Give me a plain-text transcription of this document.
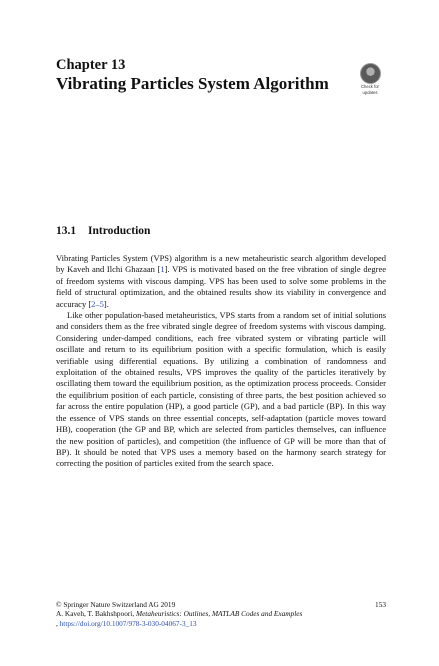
Chapter 13
Vibrating Particles System Algorithm	Check for
updates
13.1 Introduction

Vibrating Particles System (VPS) algorithm is a new metaheuristic search algorithm developed by Kaveh and Ilchi Ghazaan [1]. VPS is motivated based on the free vibration of single degree of freedom systems with viscous damping. VPS has been used to solve some problems in the field of structural optimization, and the obtained results show its viability in convergence and accuracy [2–5].

Like other population-based metaheuristics, VPS starts from a random set of initial solutions and considers them as the free vibrated single degree of freedom systems with viscous damping. Considering under-damped conditions, each free vibrated system or vibrating particle will oscillate and return to its equilibrium position with a specific formulation, which is easily verifiable using differential equations. By utilizing a combination of randomness and exploitation of the obtained results, VPS improves the quality of the particles iteratively by oscillating them toward the equilibrium position, as the optimization process proceeds. Consider the equilibrium position of each particle, consisting of three parts, the best position achieved so far across the entire population (HP), a good particle (GP), and a bad particle (BP). In this way the essence of VPS stands on three essential concepts, self-adaptation (particle moves toward HB), cooperation (the GP and BP, which are selected from particles themselves, can influence the new position of particles), and competition (the influence of GP will be more than that of BP). It should be noted that VPS uses a memory based on the harmony search strategy for correcting the position of particles exited from the search space.

© Springer Nature Switzerland AG 2019
A. Kaveh, T. Bakhshpoori, Metaheuristics: Outlines, MATLAB Codes and Examples
, https://doi.org/10.1007/978-3-030-04067-3_13
153
